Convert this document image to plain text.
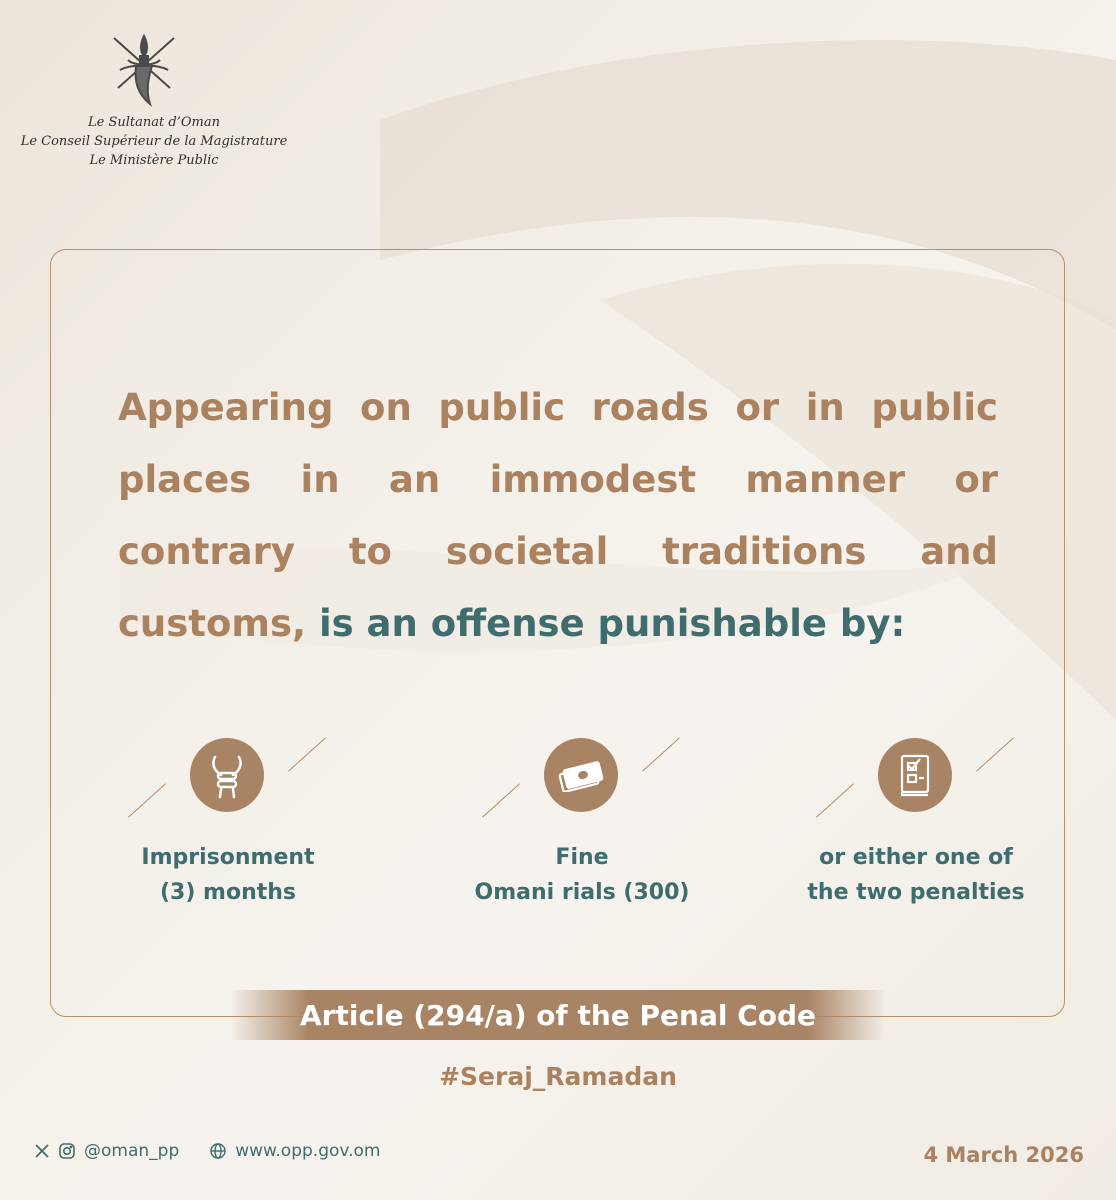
Le Sultanat d’Oman
Le Conseil Supérieur de la Magistrature
Le Ministère Public
Appearing on public roads or in public places in an immodest manner or contrary to societal traditions and customs, is an offense punishable by:
Imprisonment
(3) months
Fine
Omani rials (300)
or either one of
the two penalties
Article (294/a) of the Penal Code
#Seraj_Ramadan
@oman_pp	www.opp.gov.om	4 March 2026
